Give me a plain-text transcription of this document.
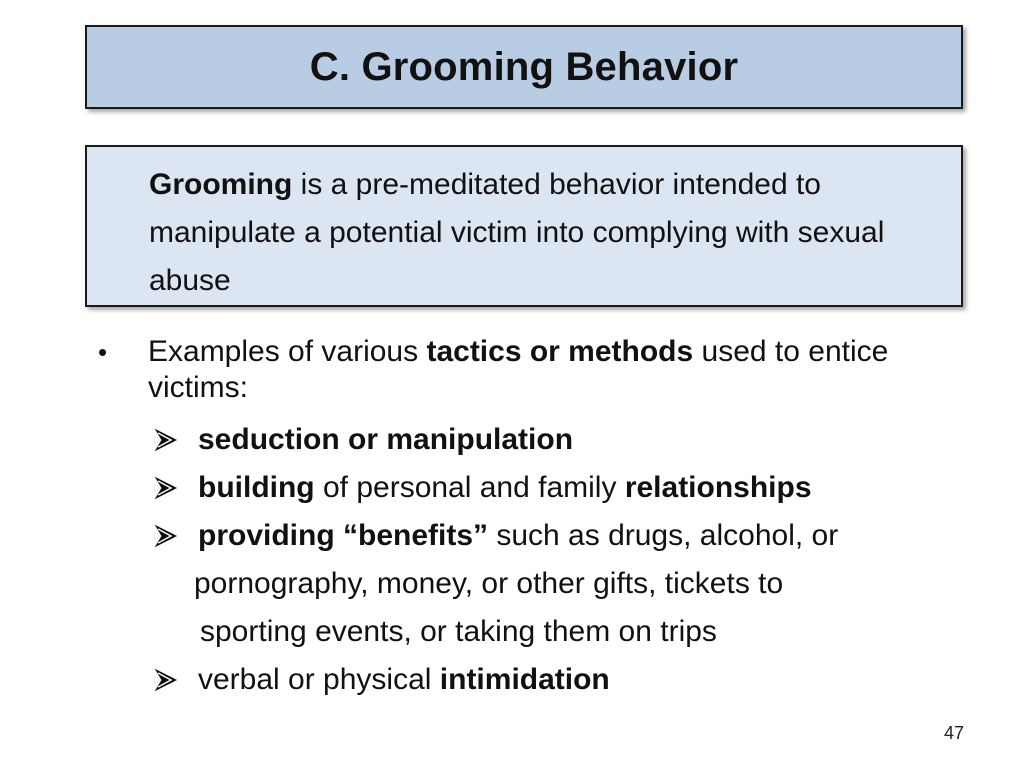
C. Grooming Behavior

Grooming is a pre-meditated behavior intended to manipulate a potential victim into complying with sexual abuse

• Examples of various tactics or methods used to entice victims:
seduction or manipulation
building of personal and family relationships
providing “benefits” such as drugs, alcohol, or
pornography, money, or other gifts, tickets to
sporting events, or taking them on trips
verbal or physical intimidation
47
